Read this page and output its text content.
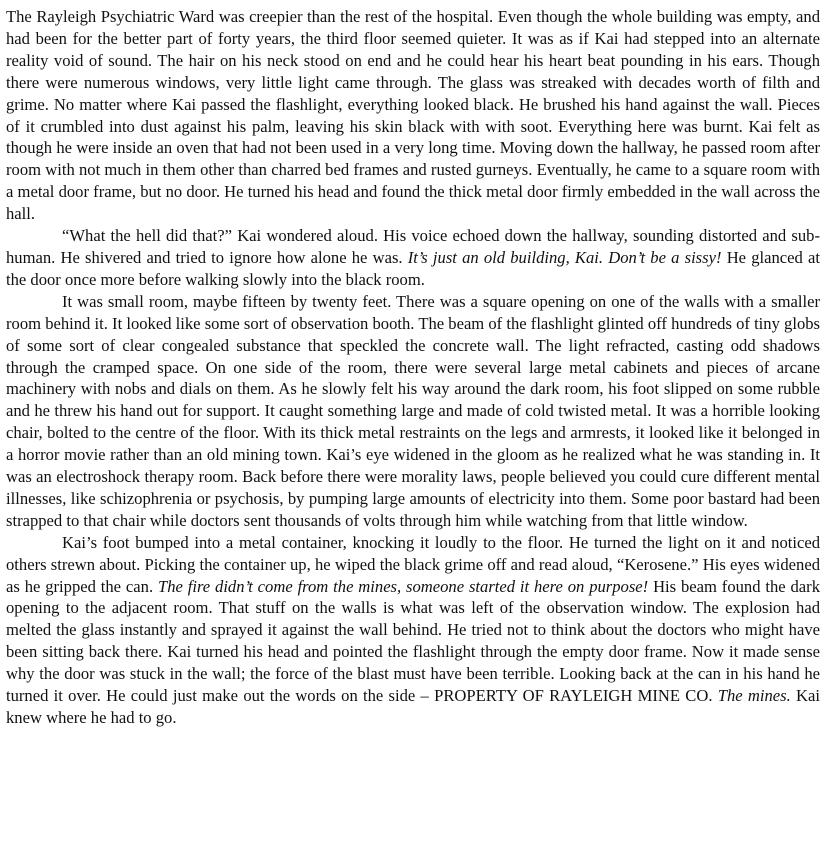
The Rayleigh Psychiatric Ward was creepier than the rest of the hospital. Even though the whole building was empty, and had been for the better part of forty years, the third floor seemed quieter. It was as if Kai had stepped into an alternate reality void of sound. The hair on his neck stood on end and he could hear his heart beat pounding in his ears. Though there were numerous windows, very little light came through. The glass was streaked with decades worth of filth and grime. No matter where Kai passed the flashlight, everything looked black. He brushed his hand against the wall. Pieces of it crumbled into dust against his palm, leaving his skin black with with soot. Everything here was burnt. Kai felt as though he were inside an oven that had not been used in a very long time. Moving down the hallway, he passed room after room with not much in them other than charred bed frames and rusted gurneys. Eventually, he came to a square room with a metal door frame, but no door. He turned his head and found the thick metal door firmly embedded in the wall across the hall.

“What the hell did that?” Kai wondered aloud. His voice echoed down the hallway, sounding distorted and sub-human. He shivered and tried to ignore how alone he was. It’s just an old building, Kai. Don’t be a sissy! He glanced at the door once more before walking slowly into the black room.

It was small room, maybe fifteen by twenty feet. There was a square opening on one of the walls with a smaller room behind it. It looked like some sort of observation booth. The beam of the flashlight glinted off hundreds of tiny globs of some sort of clear congealed substance that speckled the concrete wall. The light refracted, casting odd shadows through the cramped space. On one side of the room, there were several large metal cabinets and pieces of arcane machinery with nobs and dials on them. As he slowly felt his way around the dark room, his foot slipped on some rubble and he threw his hand out for support. It caught something large and made of cold twisted metal. It was a horrible looking chair, bolted to the centre of the floor. With its thick metal restraints on the legs and armrests, it looked like it belonged in a horror movie rather than an old mining town. Kai’s eye widened in the gloom as he realized what he was standing in. It was an electroshock therapy room. Back before there were morality laws, people believed you could cure different mental illnesses, like schizophrenia or psychosis, by pumping large amounts of electricity into them. Some poor bastard had been strapped to that chair while doctors sent thousands of volts through him while watching from that little window.

Kai’s foot bumped into a metal container, knocking it loudly to the floor. He turned the light on it and noticed others strewn about. Picking the container up, he wiped the black grime off and read aloud, “Kerosene.” His eyes widened as he gripped the can. The fire didn’t come from the mines, someone started it here on purpose! His beam found the dark opening to the adjacent room. That stuff on the walls is what was left of the observation window. The explosion had melted the glass instantly and sprayed it against the wall behind. He tried not to think about the doctors who might have been sitting back there. Kai turned his head and pointed the flashlight through the empty door frame. Now it made sense why the door was stuck in the wall; the force of the blast must have been terrible. Looking back at the can in his hand he turned it over. He could just make out the words on the side – PROPERTY OF RAYLEIGH MINE CO. The mines. Kai knew where he had to go.
